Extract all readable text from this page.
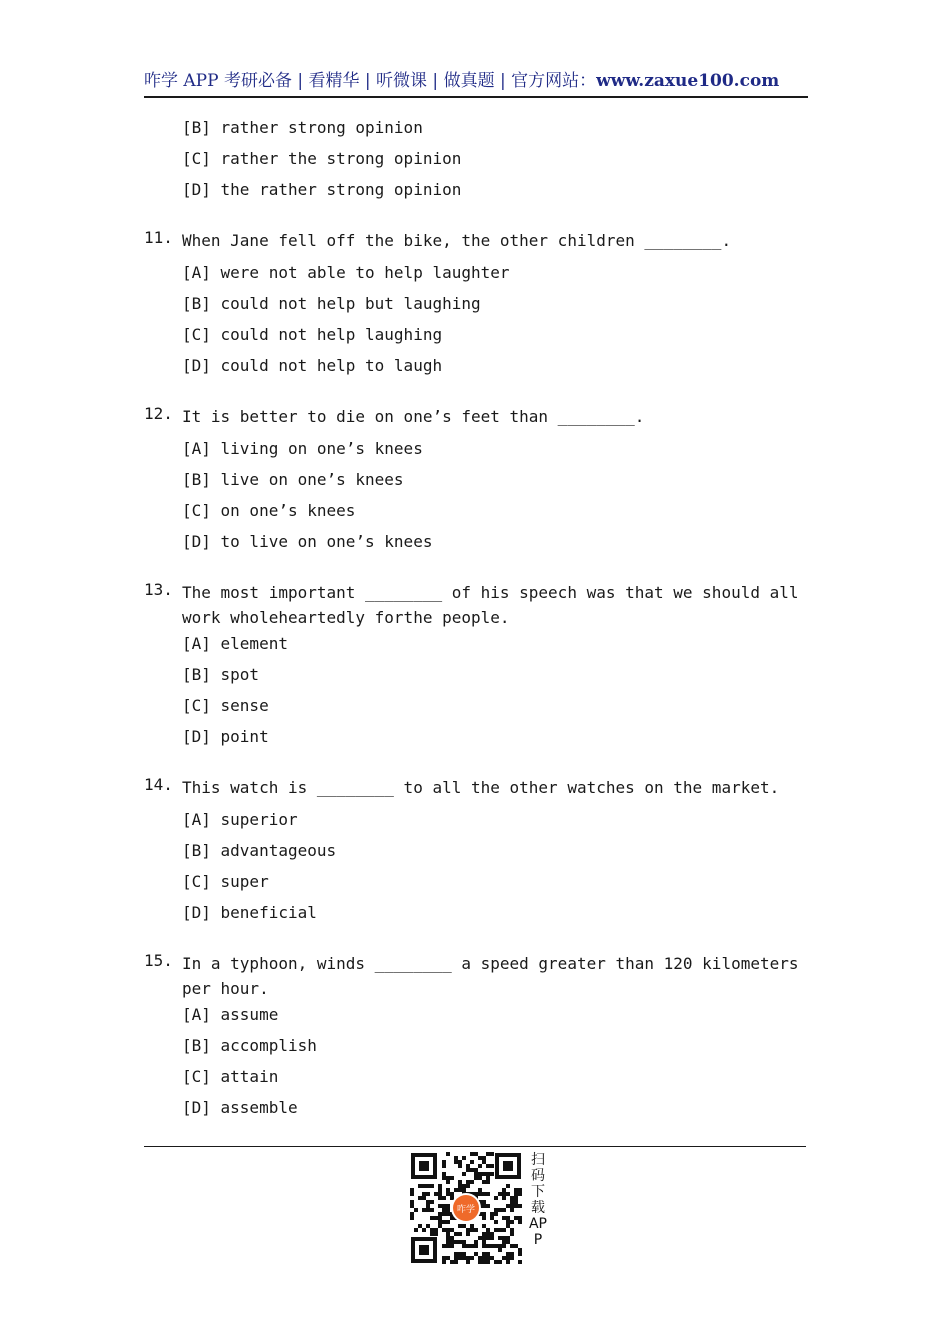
咋学 APP 考研必备 | 看精华 | 听微课 | 做真题 | 官方网站：www.zaxue100.com
[B] rather strong opinion
[C] rather the strong opinion
[D] the rather strong opinion
11. When Jane fell off the bike, the other children ________.
[A] were not able to help laughter
[B] could not help but laughing
[C] could not help laughing
[D] could not help to laugh
12. It is better to die on one’s feet than ________.
[A] living on one’s knees
[B] live on one’s knees
[C] on one’s knees
[D] to live on one’s knees
13. The most important ________ of his speech was that we should all work wholeheartedly forthe people.
[A] element
[B] spot
[C] sense
[D] point
14. This watch is ________ to all the other watches on the market.
[A] superior
[B] advantageous
[C] super
[D] beneficial
15. In a typhoon, winds ________ a speed greater than 120 kilometers per hour.
[A] assume
[B] accomplish
[C] attain
[D] assemble
咋学
扫码下载APP
